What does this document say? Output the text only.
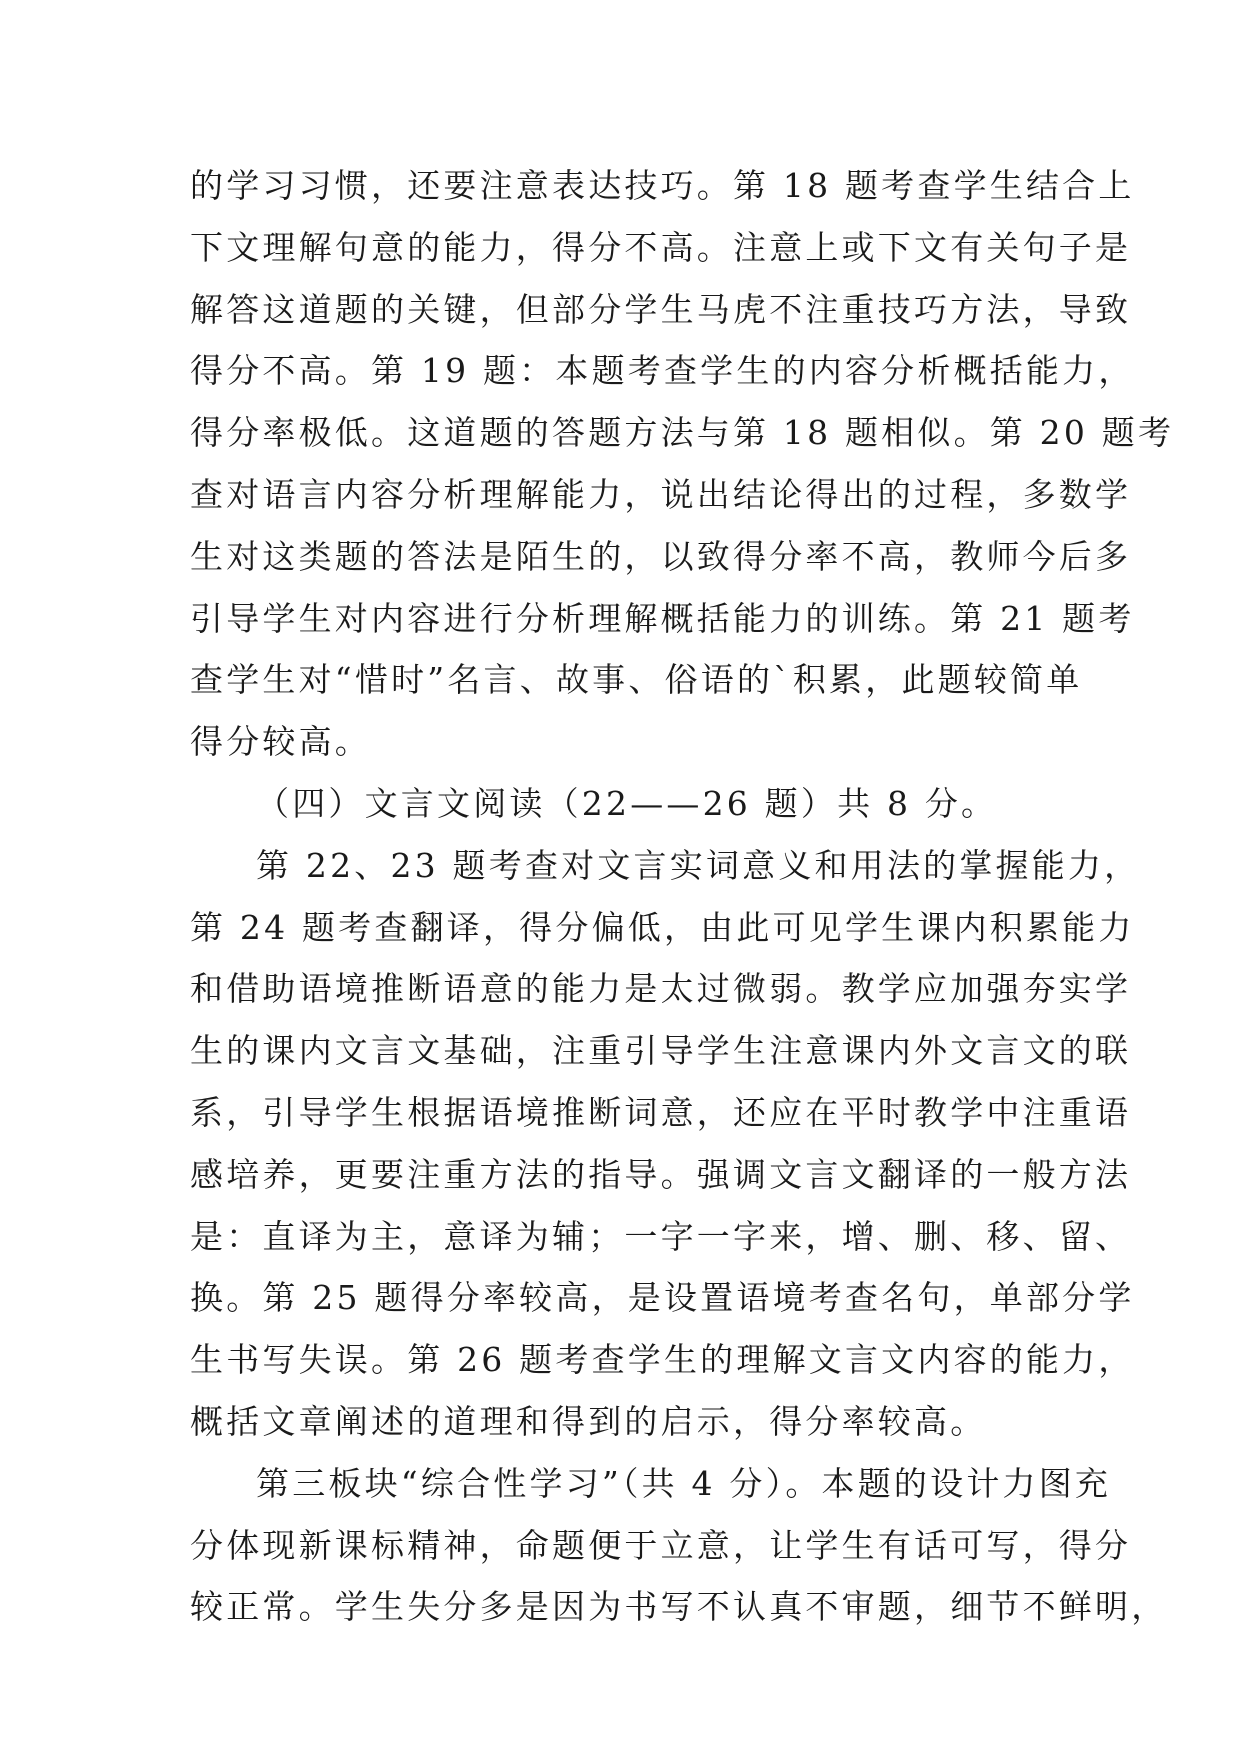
的学习习惯，还要注意表达技巧。第 18 题考查学生结合上
下文理解句意的能力，得分不高。注意上或下文有关句子是
解答这道题的关键，但部分学生马虎不注重技巧方法，导致
得分不高。第 19 题：本题考查学生的内容分析概括能力，
得分率极低。这道题的答题方法与第 18 题相似。第 20 题考
查对语言内容分析理解能力，说出结论得出的过程，多数学
生对这类题的答法是陌生的，以致得分率不高，教师今后多
引导学生对内容进行分析理解概括能力的训练。第 21 题考
查学生对“惜时”名言、故事、俗语的`积累，此题较简单
得分较高。
（四）文言文阅读（22——26 题）共 8 分。
第 22、23 题考查对文言实词意义和用法的掌握能力，
第 24 题考查翻译，得分偏低，由此可见学生课内积累能力
和借助语境推断语意的能力是太过微弱。教学应加强夯实学
生的课内文言文基础，注重引导学生注意课内外文言文的联
系，引导学生根据语境推断词意，还应在平时教学中注重语
感培养，更要注重方法的指导。强调文言文翻译的一般方法
是：直译为主，意译为辅；一字一字来，增、删、移、留、
换。第 25 题得分率较高，是设置语境考查名句，单部分学
生书写失误。第 26 题考查学生的理解文言文内容的能力，
概括文章阐述的道理和得到的启示，得分率较高。
第三板块“综合性学习”（共 4 分）。本题的设计力图充
分体现新课标精神，命题便于立意，让学生有话可写，得分
较正常。学生失分多是因为书写不认真不审题，细节不鲜明，
